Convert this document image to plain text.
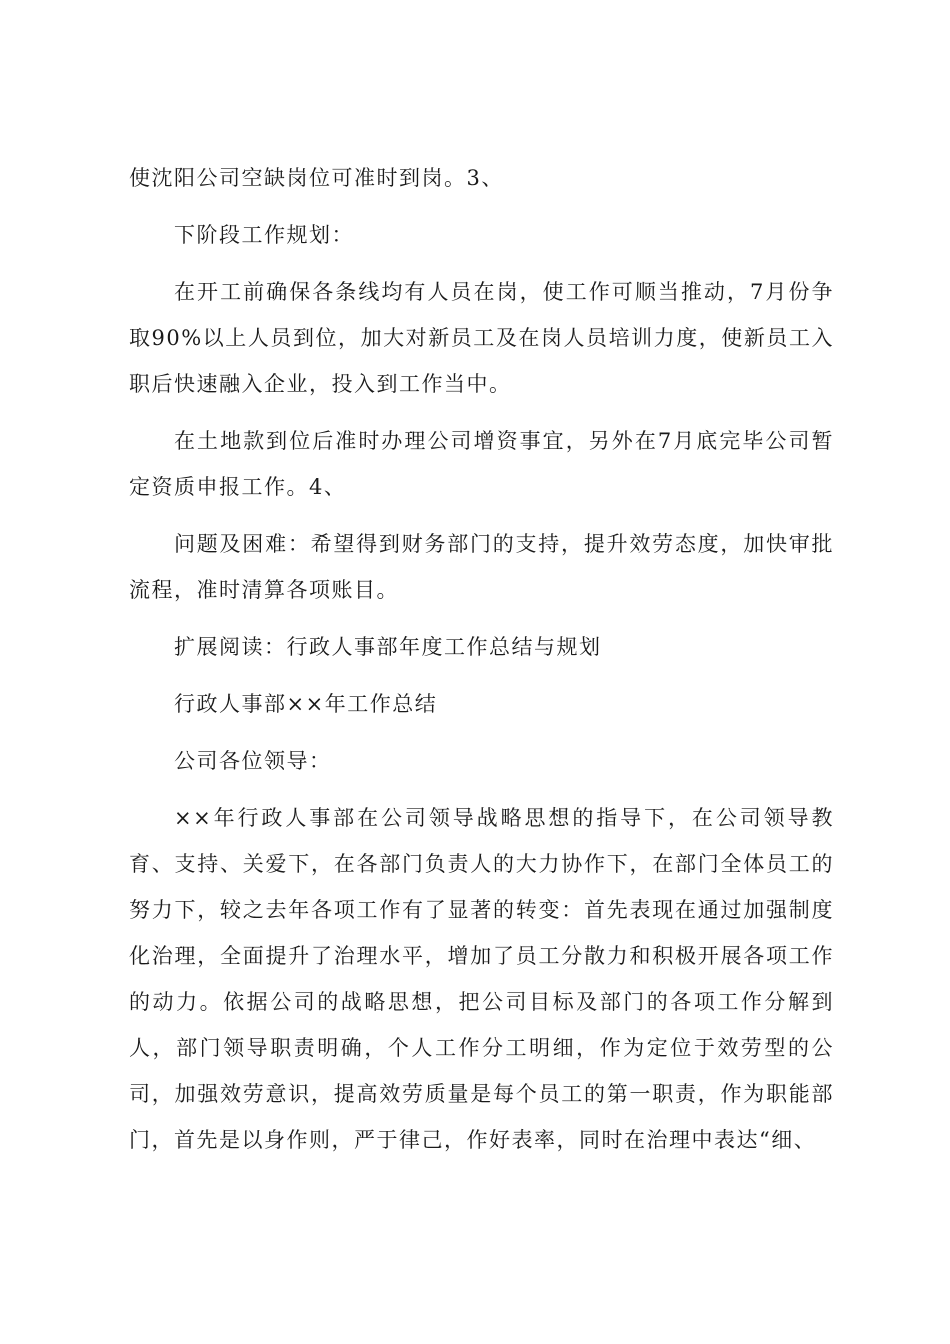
使沈阳公司空缺岗位可准时到岗。3、

下阶段工作规划：

在开工前确保各条线均有人员在岗，使工作可顺当推动，7月份争取90%以上人员到位，加大对新员工及在岗人员培训力度，使新员工入职后快速融入企业，投入到工作当中。

在土地款到位后准时办理公司增资事宜，另外在7月底完毕公司暂定资质申报工作。4、

问题及困难：希望得到财务部门的支持，提升效劳态度，加快审批流程，准时清算各项账目。

扩展阅读：行政人事部年度工作总结与规划

行政人事部××年工作总结

公司各位领导：

××年行政人事部在公司领导战略思想的指导下，在公司领导教育、支持、关爱下，在各部门负责人的大力协作下，在部门全体员工的努力下，较之去年各项工作有了显著的转变：首先表现在通过加强制度化治理，全面提升了治理水平，增加了员工分散力和积极开展各项工作的动力。依据公司的战略思想，把公司目标及部门的各项工作分解到人，部门领导职责明确，个人工作分工明细，作为定位于效劳型的公司，加强效劳意识，提高效劳质量是每个员工的第一职责，作为职能部门，首先是以身作则，严于律己，作好表率，同时在治理中表达“细、
